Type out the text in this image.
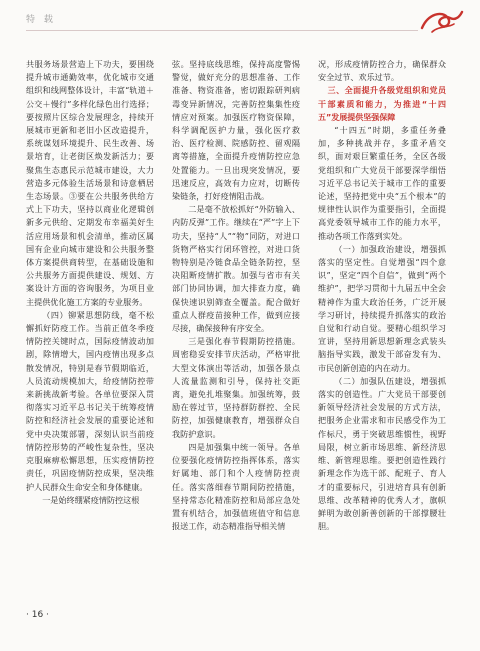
特 载

共服务场景营造上下功夫，要围绕提升城市通勤效率，优化城市交通组织和线网整体设计，丰富“轨道＋公交＋慢行”多样化绿色出行选择；要按照片区综合发展理念，持续开展城市更新和老旧小区改造提升，系统谋划环境提升、民生改善、场景培育，让老街区焕发新活力；要聚焦生态惠民示范城市建设，大力营造多元体验生活场景和诗意栖居生态场景。③要在公共服务供给方式上下功夫，坚持以商业化逻辑创新多元供给、定期发布幸福美好生活应用场景和机会清单，推动区属国有企业向城市建设和公共服务整体方案提供商转型，在基础设施和公共服务方面提供建设、规划、方案设计方面的咨询服务，为项目业主提供优化施工方案的专业服务。

（四）铆紧思想防线，毫不松懈抓好防疫工作。当前正值冬季疫情防控关键时点，国际疫情波动加剧，除情增大，国内疫情出现多点散发情况，特别是春节假期临近，人员流动规模加大，给疫情防控带来新挑战新考验。各单位要深入贯彻落实习近平总书记关于统筹疫情防控和经济社会发展的重要论述和党中央决策部署，深刻认识当前疫情防控形势的严峻性复杂性，坚决克服麻痹松懈思想，压实疫情防控责任，巩固疫情防控成果，坚决维护人民群众生命安全和身体健康。

一是始终绷紧疫情防控这根

弦。坚持底线思维，保持高度警惕警觉，做好充分的思想准备、工作准备、物资准备，密切跟踪研判病毒变异新情况，完善防控集集性疫情应对预案。加强医疗物资保障，科学调配医护力量，强化医疗救治、医疗检测、院感防控、留观隔离等措施，全面提升疫情防控应急处置能力。一旦出现突发情况，要迅速反应，高效有力应对，切断传染链条，打好疫情阻击战。

二是毫不放松抓好“外防输入、内防反弹”工作。继续在“严”字上下功夫，坚持“人”“物”同防，对进口货物严格实行闭环管控，对进口货物特别是冷链食品全链条防控，坚决阻断疫情扩散。加强与省市有关部门协同协调，加大排查力度，确保快速识别筛查全覆盖。配合做好重点人群疫苗接种工作，做到应接尽接，确保接种有序安全。

三是强化春节假期防控措施。周密稳妥安排节庆活动，严格审批大型文体演出等活动，加强各景点人流量监测和引导，保持社交距离，避免扎堆聚集。加强统筹，鼓励在蓉过节，坚持群防群控、全民防控，加强健康教育，增强群众自我防护意识。

四是加强集中统一领导。各单位要强化疫情防控指挥体系，落实好属地、部门和个人疫情防控责任。落实落细春节期间防控措施，坚持常态化精准防控和局部应急处置有机结合，加强值班值守和信息报送工作，动态精准指导相关情

况，形成疫情防控合力，确保群众安全过节、欢乐过节。

三、全面提升各级党组织和党员干部素质和能力，为推进“十四五”发展提供坚强保障

“十四五”时期，多重任务叠加，多种挑战并存，多重矛盾交织，面对艰巨繁重任务，全区各级党组织和广大党员干部要深学细悟习近平总书记关于城市工作的重要论述，坚持把党中央“五个根本”的规律性认识作为重要指引，全面提高党委领导城市工作的能力水平，推动各项工作落到实处。

（一）加强政治建设，增强抓落实的坚定性。自觉增强“四个意识”，坚定“四个自信”，做到“两个维护”，把学习贯彻十九届五中全会精神作为重大政治任务，广泛开展学习研讨，持续提升抓落实的政治自觉和行动自觉。要精心组织学习宣讲，坚持用新思想新理念武装头脑指导实践，激发干部奋发有为、市民创新创造的内在动力。

（二）加强队伍建设，增强抓落实的创造性。广大党员干部要创新领导经济社会发展的方式方法，把服务企业需求和市民感受作为工作标尺，勇于突破思维惯性，视野局限，树立新市场思维、新经济思维、新管理思维。要把创造性践行新理念作为选干部、配班子、育人才的重要标尺，引进培育具有创新思维、改革精神的优秀人才，旗帜鲜明为敢创新善创新的干部撑腰壮胆。

· 16 ·
